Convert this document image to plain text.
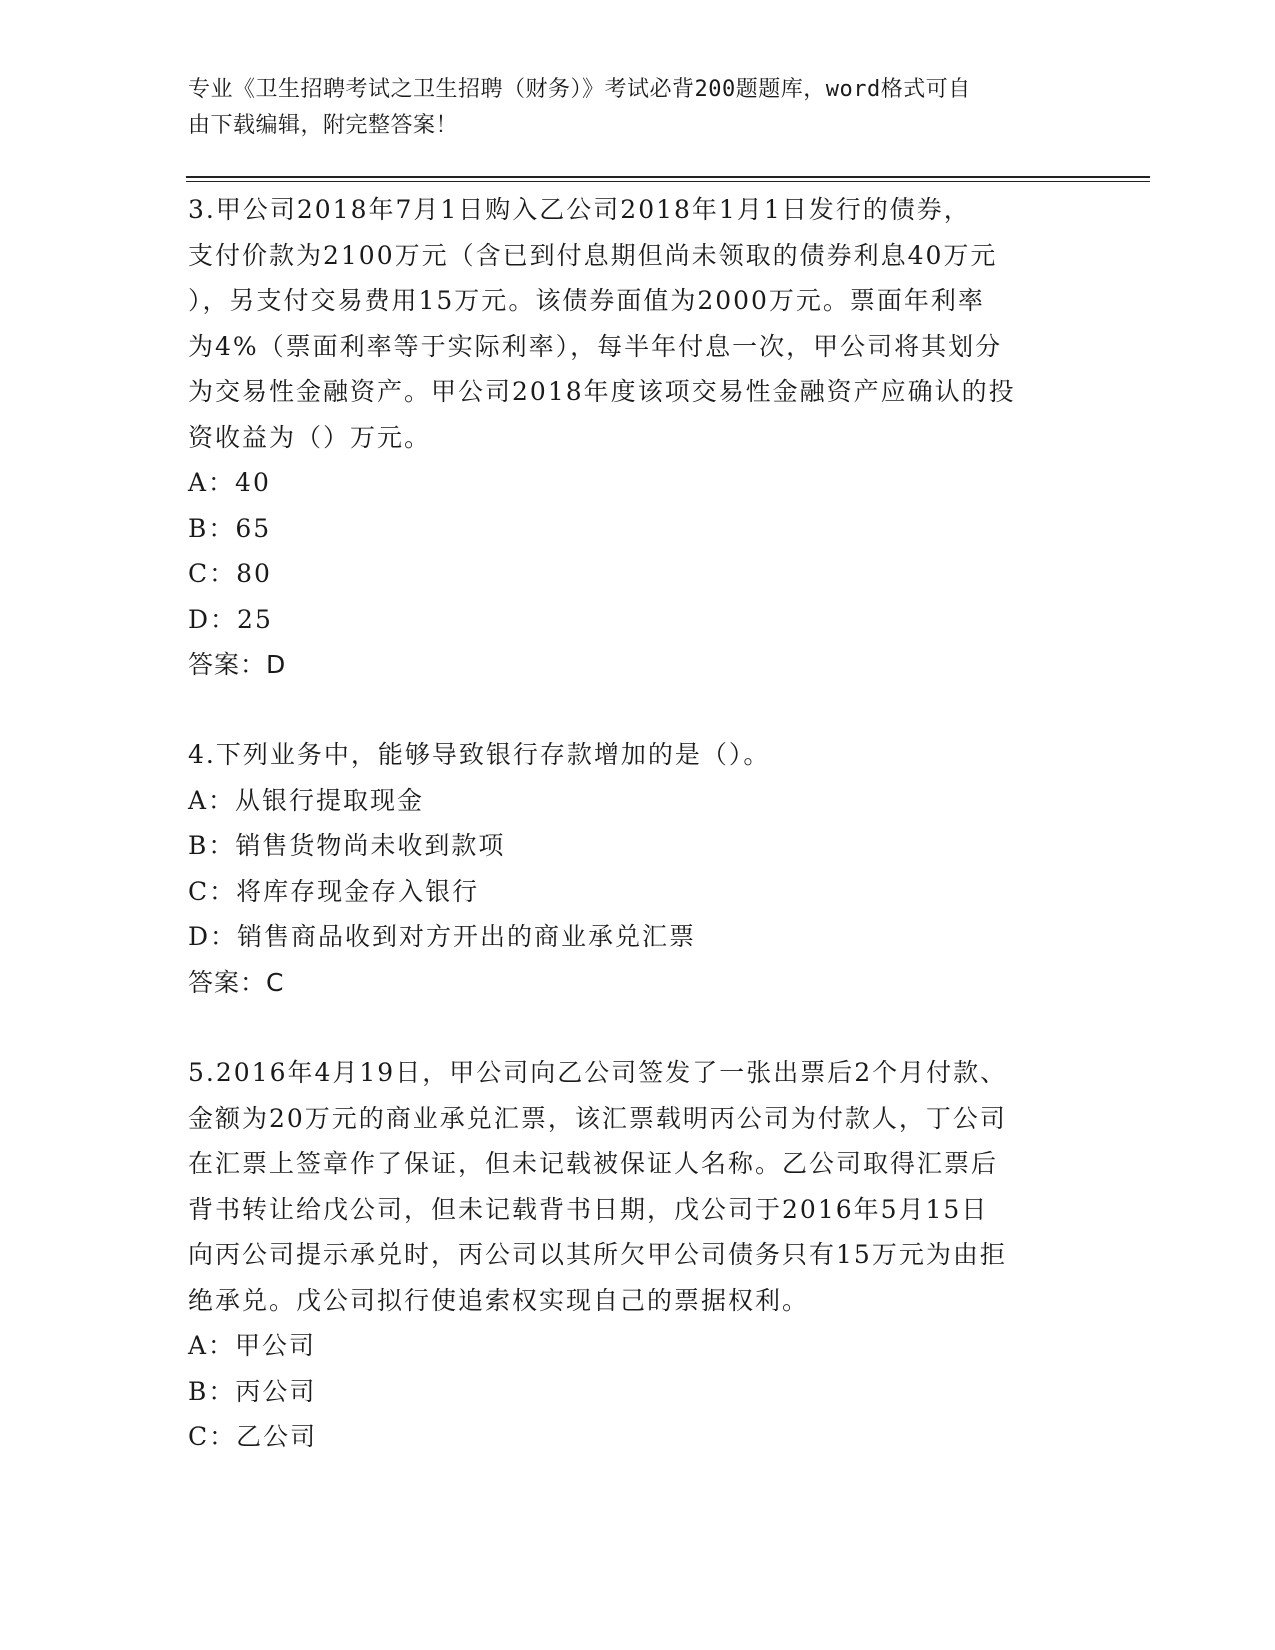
专业《卫生招聘考试之卫生招聘（财务）》考试必背200题题库，word格式可自
由下载编辑，附完整答案！

3.甲公司2018年7月1日购入乙公司2018年1月1日发行的债券，

支付价款为2100万元（含已到付息期但尚未领取的债券利息40万元

），另支付交易费用15万元。该债券面值为2000万元。票面年利率

为4%（票面利率等于实际利率），每半年付息一次，甲公司将其划分

为交易性金融资产。甲公司2018年度该项交易性金融资产应确认的投

资收益为（）万元。

A：40

B：65

C：80

D：25

答案：D

4.下列业务中，能够导致银行存款增加的是（）。

A：从银行提取现金

B：销售货物尚未收到款项

C：将库存现金存入银行

D：销售商品收到对方开出的商业承兑汇票

答案：C

5.2016年4月19日，甲公司向乙公司签发了一张出票后2个月付款、

金额为20万元的商业承兑汇票，该汇票载明丙公司为付款人，丁公司

在汇票上签章作了保证，但未记载被保证人名称。乙公司取得汇票后

背书转让给戊公司，但未记载背书日期，戊公司于2016年5月15日

向丙公司提示承兑时，丙公司以其所欠甲公司债务只有15万元为由拒

绝承兑。戊公司拟行使追索权实现自己的票据权利。

A：甲公司

B：丙公司

C：乙公司
